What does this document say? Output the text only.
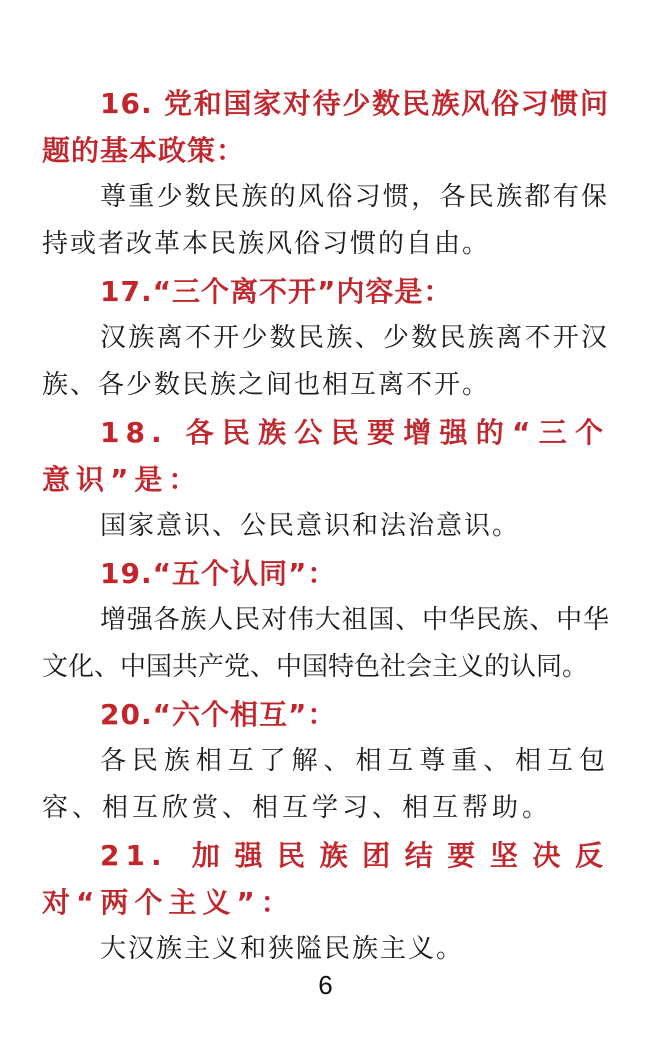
16. 党和国家对待少数民族风俗习惯问题的基本政策：

尊重少数民族的风俗习惯，各民族都有保持或者改革本民族风俗习惯的自由。

17.“三个离不开”内容是：

汉族离不开少数民族、少数民族离不开汉族、各少数民族之间也相互离不开。

18. 各民族公民要增强的“三个意识”是：

国家意识、公民意识和法治意识。

19.“五个认同”：

增强各族人民对伟大祖国、中华民族、中华文化、中国共产党、中国特色社会主义的认同。

20.“六个相互”：

各民族相互了解、相互尊重、相互包容、相互欣赏、相互学习、相互帮助。

21. 加强民族团结要坚决反对“两个主义”：

大汉族主义和狭隘民族主义。

6
